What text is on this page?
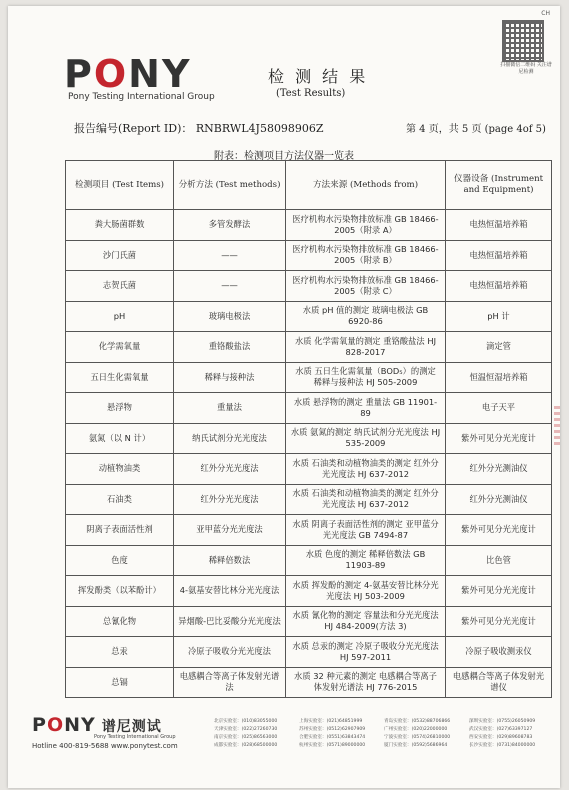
CH
扫描微信二维码 关注谱尼检测
PONY
Pony Testing International Group
检 测 结 果
(Test Results)
报告编号(Report ID)： RNBRWL4J58098906Z	第 4 页，共 5 页 (page 4of 5)
附表：检测项目方法仪器一览表
检测项目 (Test Items)	分析方法 (Test methods)	方法来源 (Methods from)	仪器设备 (Instrument and Equipment)
粪大肠菌群数	多管发酵法	医疗机构水污染物排放标准 GB 18466-2005（附录 A）	电热恒温培养箱
沙门氏菌	——	医疗机构水污染物排放标准 GB 18466-2005（附录 B）	电热恒温培养箱
志贺氏菌	——	医疗机构水污染物排放标准 GB 18466-2005（附录 C）	电热恒温培养箱
pH	玻璃电极法	水质 pH 值的测定 玻璃电极法 GB 6920-86	pH 计
化学需氧量	重铬酸盐法	水质 化学需氧量的测定 重铬酸盐法 HJ 828-2017	滴定管
五日生化需氧量	稀释与接种法	水质 五日生化需氧量（BOD₅）的测定 稀释与接种法 HJ 505-2009	恒温恒湿培养箱
悬浮物	重量法	水质 悬浮物的测定 重量法 GB 11901-89	电子天平
氨氮（以 N 计）	纳氏试剂分光光度法	水质 氨氮的测定 纳氏试剂分光光度法 HJ 535-2009	紫外可见分光光度计
动植物油类	红外分光光度法	水质 石油类和动植物油类的测定 红外分光光度法 HJ 637-2012	红外分光测油仪
石油类	红外分光光度法	水质 石油类和动植物油类的测定 红外分光光度法 HJ 637-2012	红外分光测油仪
阴离子表面活性剂	亚甲蓝分光光度法	水质 阴离子表面活性剂的测定 亚甲蓝分光光度法 GB 7494-87	紫外可见分光光度计
色度	稀释倍数法	水质 色度的测定 稀释倍数法 GB 11903-89	比色管
挥发酚类（以苯酚计）	4-氨基安替比林分光光度法	水质 挥发酚的测定 4-氨基安替比林分光光度法 HJ 503-2009	紫外可见分光光度计
总氰化物	异烟酸-巴比妥酸分光光度法	水质 氰化物的测定 容量法和分光光度法 HJ 484-2009(方法 3)	紫外可见分光光度计
总汞	冷原子吸收分光光度法	水质 总汞的测定 冷原子吸收分光光度法 HJ 597-2011	冷原子吸收测汞仪
总镉	电感耦合等离子体发射光谱法	水质 32 种元素的测定 电感耦合等离子体发射光谱法 HJ 776-2015	电感耦合等离子体发射光谱仪
PONY 谱尼测试
Pony Testing International Group
Hotline 400-819-5688 www.ponytest.com
北京实验室：(010)83055000	上海实验室：(021)64851999	青岛实验室：(0532)88706866	深圳实验室：(0755)26050909
天津实验室：(022)27260730	苏州实验室：(0512)62907909	广州实验室：(020)22000000	武汉实验室：(027)63397127
南京实验室：(025)86563000	合肥实验室：(0551)63843474	宁波实验室：(0574)26810000	西安实验室：(029)89608783
成都实验室：(028)68500000	杭州实验室：(0571)89000000	厦门实验室：(0592)5686964	长沙实验室：(0731)84000000
